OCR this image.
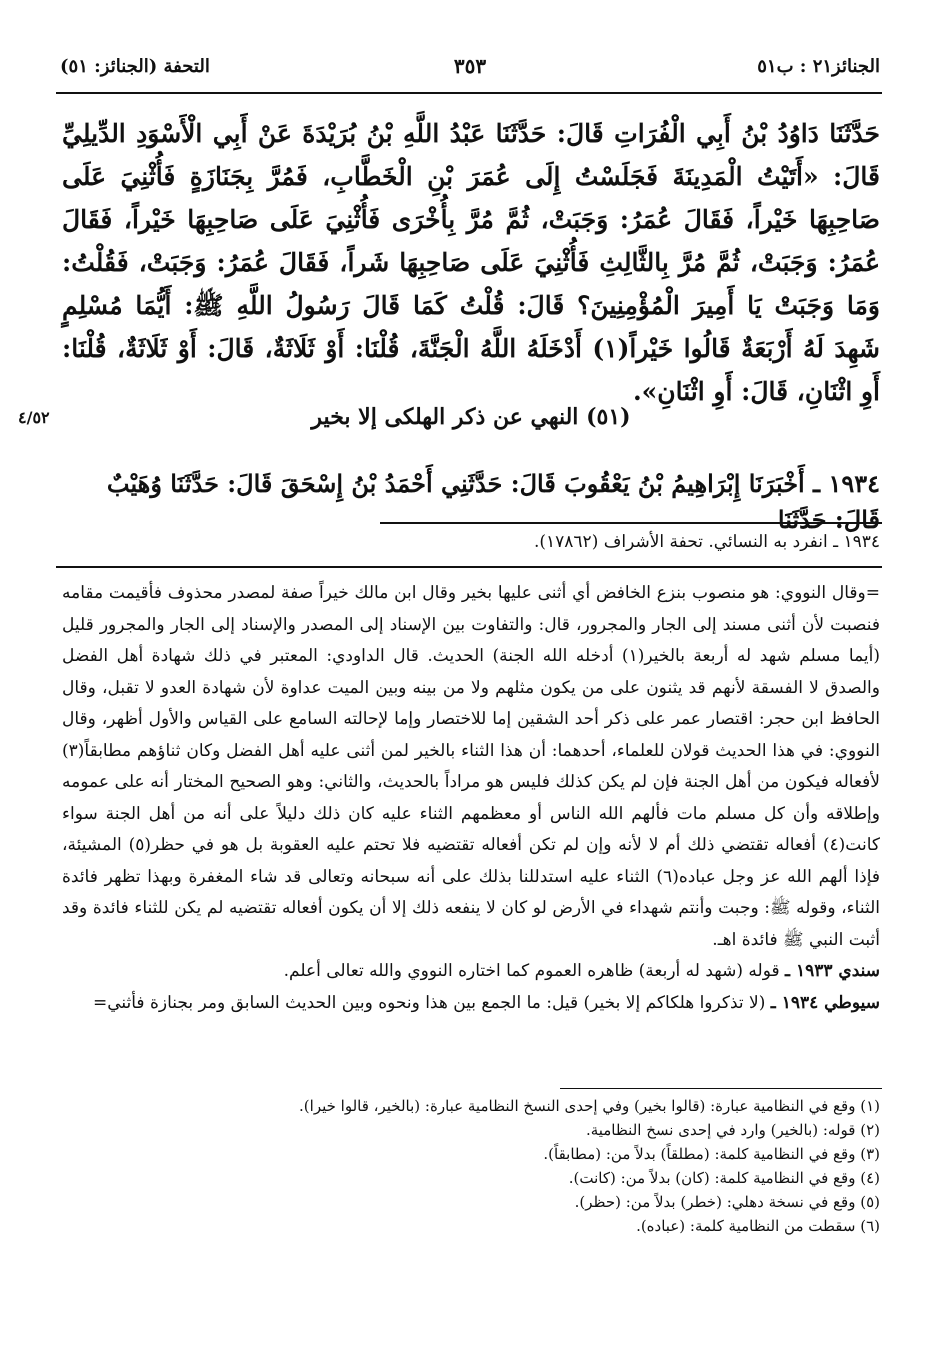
الجنائز٢١ : ب٥١
٣٥٣
التحفة (الجنائز: ٥١)

حَدَّثَنَا دَاوُدُ بْنُ أَبِي الْفُرَاتِ قَالَ: حَدَّثَنَا عَبْدُ اللَّهِ بْنُ بُرَيْدَةَ عَنْ أَبِي الْأَسْوَدِ الدِّيلِيِّ قَالَ: «أَتَيْتُ الْمَدِينَةَ فَجَلَسْتُ إِلَى عُمَرَ بْنِ الْخَطَّابِ، فَمُرَّ بِجَنَازَةٍ فَأُثْنِيَ عَلَى صَاحِبِهَا خَيْراً، فَقَالَ عُمَرُ: وَجَبَتْ، ثُمَّ مُرَّ بِأُخْرَى فَأُثْنِيَ عَلَى صَاحِبِهَا خَيْراً، فَقَالَ عُمَرُ: وَجَبَتْ، ثُمَّ مُرَّ بِالثَّالِثِ فَأُثْنِيَ عَلَى صَاحِبِهَا شَراً، فَقَالَ عُمَرُ: وَجَبَتْ، فَقُلْتُ: وَمَا وَجَبَتْ يَا أَمِيرَ الْمُؤْمِنِينَ؟ قَالَ: قُلْتُ كَمَا قَالَ رَسُولُ اللَّهِ ﷺ: أَيُّمَا مُسْلِمٍ شَهِدَ لَهُ أَرْبَعَةٌ قَالُوا خَيْراً(١) أَدْخَلَهُ اللَّهُ الْجَنَّةَ، قُلْنَا: أَوْ ثَلَاثَةٌ، قَالَ: أَوْ ثَلَاثَةٌ، قُلْنَا: أَوِ اثْنَانِ، قَالَ: أَوِ اثْنَانِ».

(٥١) النهي عن ذكر الهلكى إلا بخير
٤/٥٢
١٩٣٤ ـ أَخْبَرَنَا إِبْرَاهِيمُ بْنُ يَعْقُوبَ قَالَ: حَدَّثَنِي أَحْمَدُ بْنُ إِسْحَقَ قَالَ: حَدَّثَنَا وُهَيْبٌ قَالَ: حَدَّثَنَا
١٩٣٤ ـ انفرد به النسائي. تحفة الأشراف (١٧٨٦٢).

=وقال النووي: هو منصوب بنزع الخافض أي أثنى عليها بخير وقال ابن مالك خيراً صفة لمصدر محذوف فأقيمت مقامه فنصبت لأن أثنى مسند إلى الجار والمجرور، قال: والتفاوت بين الإسناد إلى المصدر والإسناد إلى الجار والمجرور قليل (أيما مسلم شهد له أربعة بالخير(١) أدخله الله الجنة) الحديث. قال الداودي: المعتبر في ذلك شهادة أهل الفضل والصدق لا الفسقة لأنهم قد يثنون على من يكون مثلهم ولا من بينه وبين الميت عداوة لأن شهادة العدو لا تقبل، وقال الحافظ ابن حجر: اقتصار عمر على ذكر أحد الشقين إما للاختصار وإما لإحالته السامع على القياس والأول أظهر، وقال النووي: في هذا الحديث قولان للعلماء، أحدهما: أن هذا الثناء بالخير لمن أثنى عليه أهل الفضل وكان ثناؤهم مطابقاً(٣) لأفعاله فيكون من أهل الجنة فإن لم يكن كذلك فليس هو مراداً بالحديث، والثاني: وهو الصحيح المختار أنه على عمومه وإطلاقه وأن كل مسلم مات فألهم الله الناس أو معظمهم الثناء عليه كان ذلك دليلاً على أنه من أهل الجنة سواء كانت(٤) أفعاله تقتضي ذلك أم لا لأنه وإن لم تكن أفعاله تقتضيه فلا تحتم عليه العقوبة بل هو في حظر(٥) المشيئة، فإذا ألهم الله عز وجل عباده(٦) الثناء عليه استدللنا بذلك على أنه سبحانه وتعالى قد شاء المغفرة وبهذا تظهر فائدة الثناء، وقوله ﷺ: وجبت وأنتم شهداء في الأرض لو كان لا ينفعه ذلك إلا أن يكون أفعاله تقتضيه لم يكن للثناء فائدة وقد أثبت النبي ﷺ فائدة اهـ.

سندي ١٩٣٣ ـ قوله (شهد له أربعة) ظاهره العموم كما اختاره النووي والله تعالى أعلم.

سيوطي ١٩٣٤ ـ (لا تذكروا هلكاكم إلا بخير) قيل: ما الجمع بين هذا ونحوه وبين الحديث السابق ومر بجنازة فأثني=

(١) وقع في النظامية عبارة: (قالوا بخير) وفي إحدى النسخ النظامية عبارة: (بالخير، قالوا خيرا).
(٢) قوله: (بالخير) وارد في إحدى نسخ النظامية.
(٣) وقع في النظامية كلمة: (مطلقاً) بدلاً من: (مطابقاً).
(٤) وقع في النظامية كلمة: (كان) بدلاً من: (كانت).
(٥) وقع في نسخة دهلي: (خطر) بدلاً من: (حظر).
(٦) سقطت من النظامية كلمة: (عباده).
